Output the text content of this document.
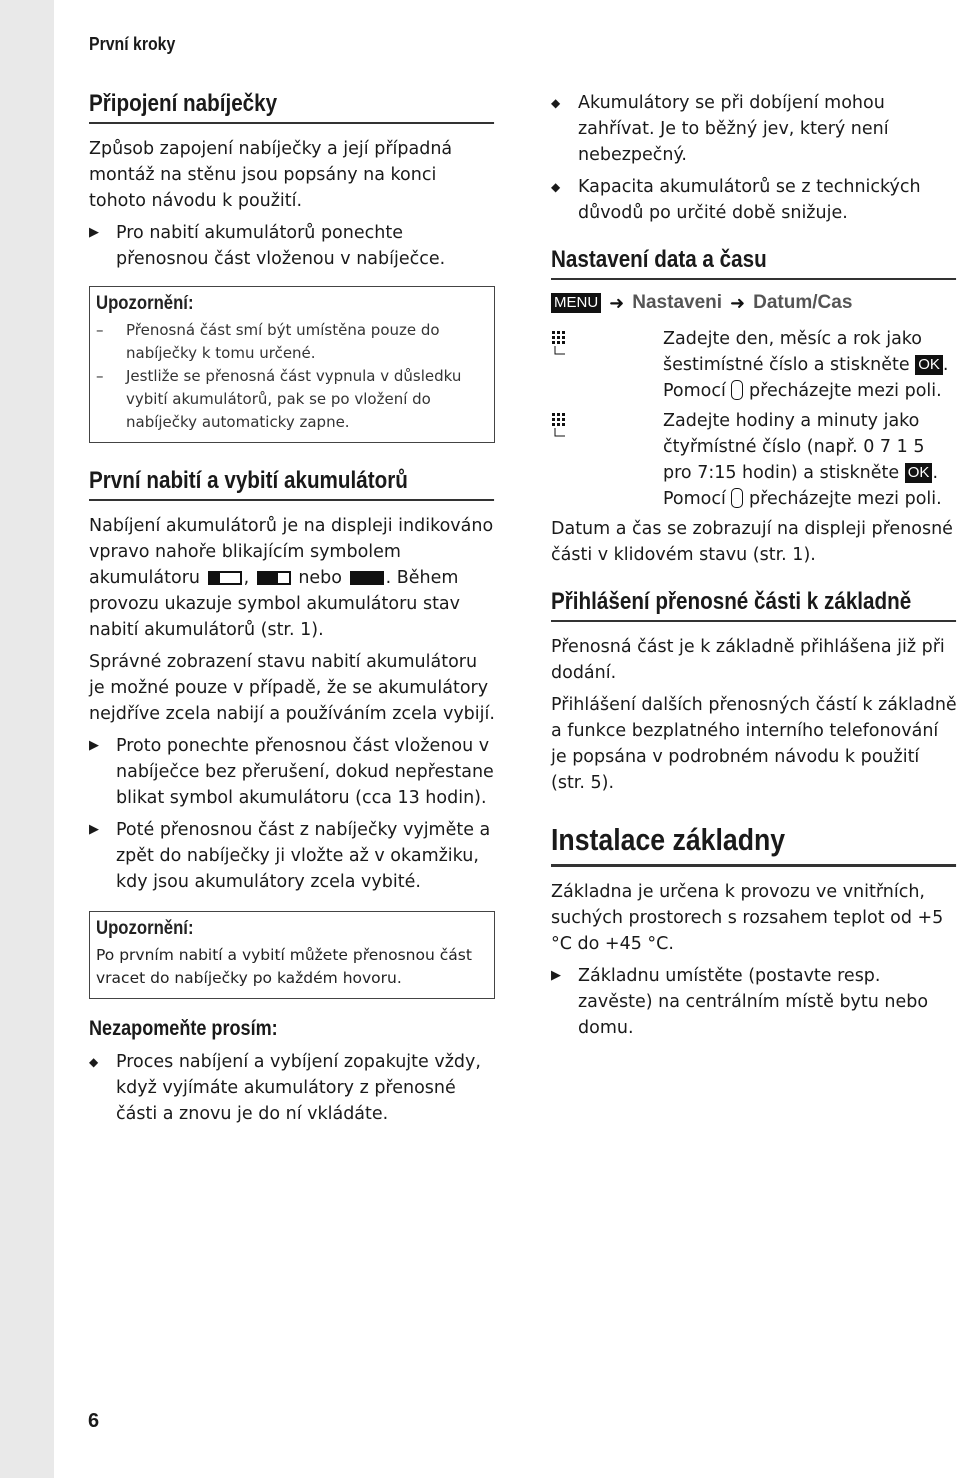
První kroky
Připojení nabíječky

Způsob zapojení nabíječky a její případná montáž na stěnu jsou popsány na konci tohoto návodu k použití.

▶ Pro nabití akumulátorů ponechte přenosnou část vloženou v nabíječce.
Upozornění:
–	Přenosná část smí být umístěna pouze do nabíječky k tomu určené.
–	Jestliže se přenosná část vypnula v důsledku vybití akumulátorů, pak se po vložení do nabíječky automaticky zapne.
První nabití a vybití akumulátorů

Nabíjení akumulátorů je na displeji indikováno vpravo nahoře blikajícím symbolem akumulátoru ,	nebo . Během provozu ukazuje symbol akumulátoru stav nabití akumulátorů (str. 1).

Správné zobrazení stavu nabití akumulátoru je možné pouze v případě, že se akumulátory nejdříve zcela nabijí a používáním zcela vybijí.

▶ Proto ponechte přenosnou část vloženou v nabíječce bez přerušení, dokud nepřestane blikat symbol akumulátoru (cca 13 hodin).
▶ Poté přenosnou část z nabíječky vyjměte a zpět do nabíječky ji vložte až v okamžiku, kdy jsou akumulátory zcela vybité.
Upozornění:
Po prvním nabití a vybití můžete přenosnou část vracet do nabíječky po každém hovoru.
Nezapomeňte prosím:
◆	Proces nabíjení a vybíjení zopakujte vždy, když vyjímáte akumulátory z přenosné části a znovu je do ní vkládáte.
◆	Akumulátory se při dobíjení mohou zahřívat. Je to běžný jev, který není nebezpečný.
◆	Kapacita akumulátorů se z technických důvodů po určité době snižuje.
Nastavení data a času
MENU ➜ Nastaveni ➜ Datum/Cas
Zadejte den, měsíc a rok jako šestimístné číslo a stiskněte OK . Pomocí přecházejte mezi poli.
Zadejte hodiny a minuty jako čtyřmístné číslo (např. 0 7 1 5 pro 7:15 hodin) a stiskněte OK . Pomocí přecházejte mezi poli.

Datum a čas se zobrazují na displeji přenosné části v klidovém stavu (str. 1).

Přihlášení přenosné části k základně

Přenosná část je k základně přihlášena již při dodání.

Přihlášení dalších přenosných částí k základně a funkce bezplatného interního telefonování je popsána v podrobném návodu k použití (str. 5).

Instalace základny

Základna je určena k provozu ve vnitřních, suchých prostorech s rozsahem teplot od +5 °C do +45 °C.

▶ Základnu umístěte (postavte resp. zavěste) na centrálním místě bytu nebo domu.
6
